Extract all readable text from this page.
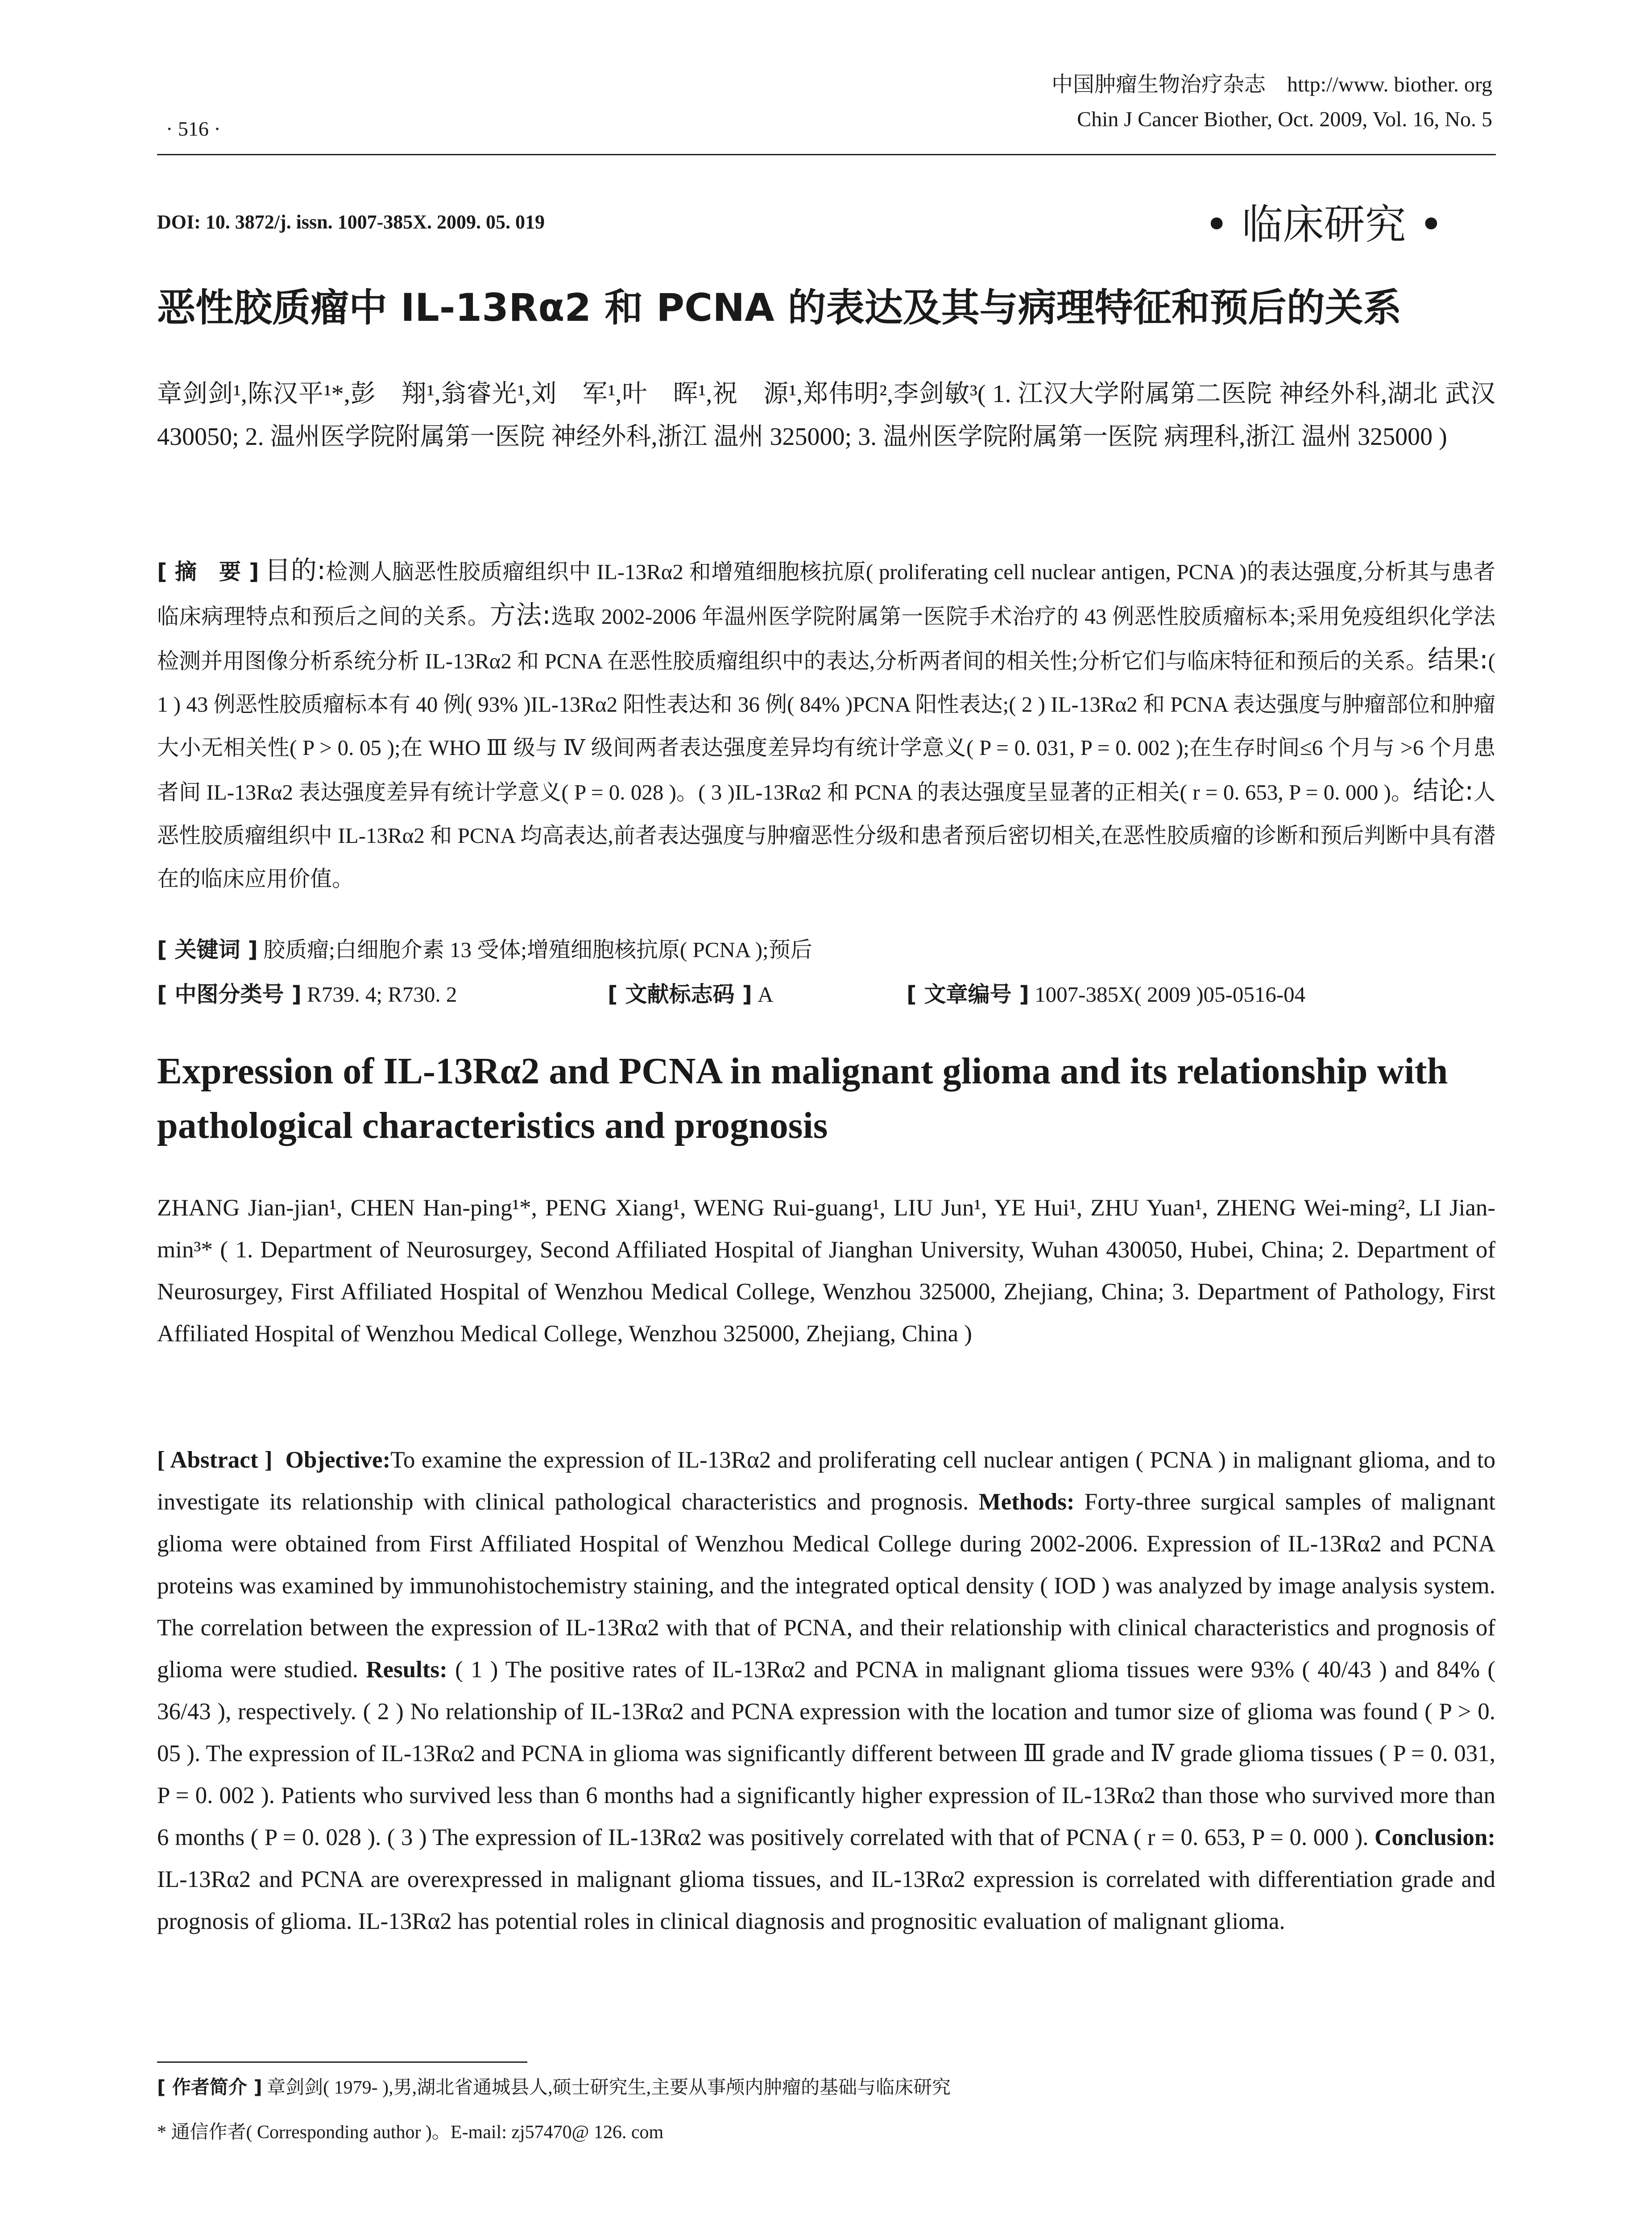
· 516 ·
中国肿瘤生物治疗杂志　http://www. biother. org
Chin J Cancer Biother, Oct. 2009, Vol. 16, No. 5
DOI: 10. 3872/j. issn. 1007-385X. 2009. 05. 019	• 临床研究 •
恶性胶质瘤中 IL-13Rα2 和 PCNA 的表达及其与病理特征和预后的关系
章剑剑¹,陈汉平¹*,彭　翔¹,翁睿光¹,刘　军¹,叶　晖¹,祝　源¹,郑伟明²,李剑敏³( 1. 江汉大学附属第二医院 神经外科,湖北 武汉 430050; 2. 温州医学院附属第一医院 神经外科,浙江 温州 325000; 3. 温州医学院附属第一医院 病理科,浙江 温州 325000 )
[ 摘　要 ] 目的:检测人脑恶性胶质瘤组织中 IL-13Rα2 和增殖细胞核抗原( proliferating cell nuclear antigen, PCNA )的表达强度,分析其与患者临床病理特点和预后之间的关系。方法:选取 2002-2006 年温州医学院附属第一医院手术治疗的 43 例恶性胶质瘤标本;采用免疫组织化学法检测并用图像分析系统分析 IL-13Rα2 和 PCNA 在恶性胶质瘤组织中的表达,分析两者间的相关性;分析它们与临床特征和预后的关系。结果:( 1 ) 43 例恶性胶质瘤标本有 40 例( 93% )IL-13Rα2 阳性表达和 36 例( 84% )PCNA 阳性表达;( 2 ) IL-13Rα2 和 PCNA 表达强度与肿瘤部位和肿瘤大小无相关性( P > 0. 05 );在 WHO Ⅲ 级与 Ⅳ 级间两者表达强度差异均有统计学意义( P = 0. 031, P = 0. 002 );在生存时间≤6 个月与 >6 个月患者间 IL-13Rα2 表达强度差异有统计学意义( P = 0. 028 )。( 3 )IL-13Rα2 和 PCNA 的表达强度呈显著的正相关( r = 0. 653, P = 0. 000 )。结论:人恶性胶质瘤组织中 IL-13Rα2 和 PCNA 均高表达,前者表达强度与肿瘤恶性分级和患者预后密切相关,在恶性胶质瘤的诊断和预后判断中具有潜在的临床应用价值。
[ 关键词 ] 胶质瘤;白细胞介素 13 受体;增殖细胞核抗原( PCNA );预后
[ 中图分类号 ] R739. 4; R730. 2	[ 文献标志码 ] A	[ 文章编号 ] 1007-385X( 2009 )05-0516-04
Expression of IL-13Rα2 and PCNA in malignant glioma and its relationship with pathological characteristics and prognosis
ZHANG Jian-jian¹, CHEN Han-ping¹*, PENG Xiang¹, WENG Rui-guang¹, LIU Jun¹, YE Hui¹, ZHU Yuan¹, ZHENG Wei-ming², LI Jian-min³* ( 1. Department of Neurosurgey, Second Affiliated Hospital of Jianghan University, Wuhan 430050, Hubei, China; 2. Department of Neurosurgey, First Affiliated Hospital of Wenzhou Medical College, Wenzhou 325000, Zhejiang, China; 3. Department of Pathology, First Affiliated Hospital of Wenzhou Medical College, Wenzhou 325000, Zhejiang, China )
[ Abstract ] Objective:To examine the expression of IL-13Rα2 and proliferating cell nuclear antigen ( PCNA ) in malignant glioma, and to investigate its relationship with clinical pathological characteristics and prognosis. Methods: Forty-three surgical samples of malignant glioma were obtained from First Affiliated Hospital of Wenzhou Medical College during 2002-2006. Expression of IL-13Rα2 and PCNA proteins was examined by immunohistochemistry staining, and the integrated optical density ( IOD ) was analyzed by image analysis system. The correlation between the expression of IL-13Rα2 with that of PCNA, and their relationship with clinical characteristics and prognosis of glioma were studied. Results: ( 1 ) The positive rates of IL-13Rα2 and PCNA in malignant glioma tissues were 93% ( 40/43 ) and 84% ( 36/43 ), respectively. ( 2 ) No relationship of IL-13Rα2 and PCNA expression with the location and tumor size of glioma was found ( P > 0. 05 ). The expression of IL-13Rα2 and PCNA in glioma was significantly different between Ⅲ grade and Ⅳ grade glioma tissues ( P = 0. 031, P = 0. 002 ). Patients who survived less than 6 months had a significantly higher expression of IL-13Rα2 than those who survived more than 6 months ( P = 0. 028 ). ( 3 ) The expression of IL-13Rα2 was positively correlated with that of PCNA ( r = 0. 653, P = 0. 000 ). Conclusion: IL-13Rα2 and PCNA are overexpressed in malignant glioma tissues, and IL-13Rα2 expression is correlated with differentiation grade and prognosis of glioma. IL-13Rα2 has potential roles in clinical diagnosis and prognositic evaluation of malignant glioma.
[ 作者简介 ] 章剑剑( 1979- ),男,湖北省通城县人,硕士研究生,主要从事颅内肿瘤的基础与临床研究
* 通信作者( Corresponding author )。E-mail: zj57470@ 126. com
